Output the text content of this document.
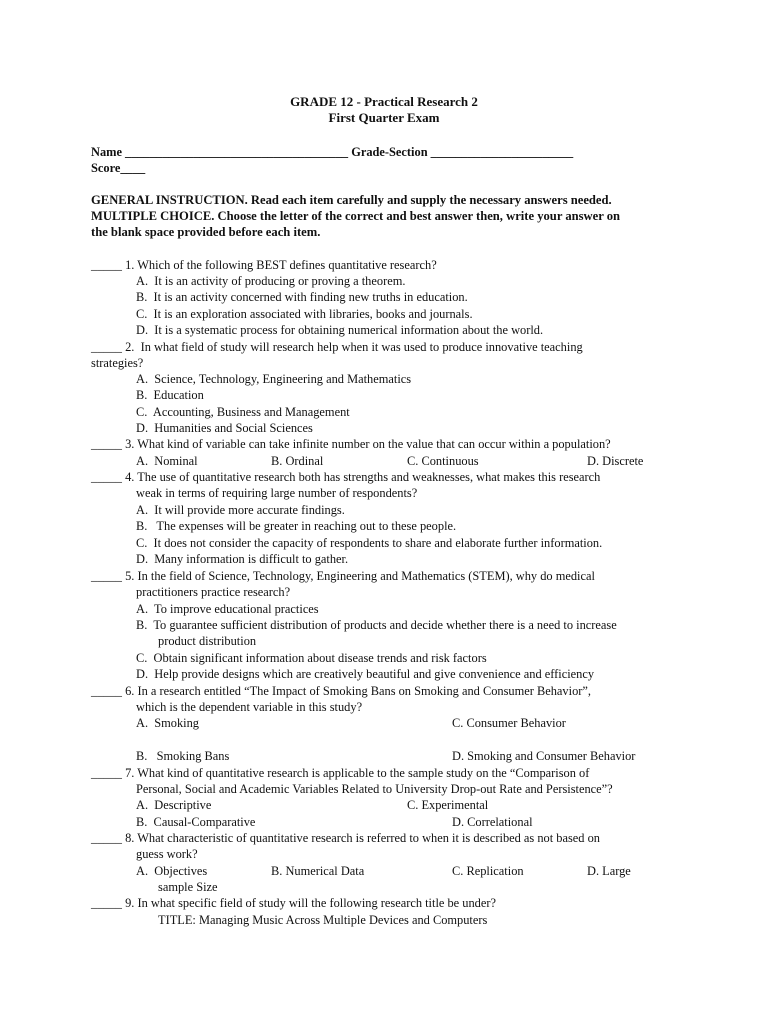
GRADE 12 - Practical Research 2
First Quarter Exam
Name ____________________________________ Grade-Section _______________________
Score____
GENERAL INSTRUCTION. Read each item carefully and supply the necessary answers needed.
MULTIPLE CHOICE. Choose the letter of the correct and best answer then, write your answer on
the blank space provided before each item.
_____ 1. Which of the following BEST defines quantitative research?
A.  It is an activity of producing or proving a theorem.
B.  It is an activity concerned with finding new truths in education.
C.  It is an exploration associated with libraries, books and journals.
D.  It is a systematic process for obtaining numerical information about the world.
_____ 2.  In what field of study will research help when it was used to produce innovative teaching
strategies?
A.  Science, Technology, Engineering and Mathematics
B.  Education
C.  Accounting, Business and Management
D.  Humanities and Social Sciences
_____ 3. What kind of variable can take infinite number on the value that can occur within a population?
A.  Nominal	B. Ordinal	C. Continuous	D. Discrete
_____ 4. The use of quantitative research both has strengths and weaknesses, what makes this research
weak in terms of requiring large number of respondents?
A.  It will provide more accurate findings.
B.   The expenses will be greater in reaching out to these people.
C.  It does not consider the capacity of respondents to share and elaborate further information.
D.  Many information is difficult to gather.
_____ 5. In the field of Science, Technology, Engineering and Mathematics (STEM), why do medical
practitioners practice research?
A.  To improve educational practices
B.  To guarantee sufficient distribution of products and decide whether there is a need to increase
product distribution
C.  Obtain significant information about disease trends and risk factors
D.  Help provide designs which are creatively beautiful and give convenience and efficiency
_____ 6. In a research entitled “The Impact of Smoking Bans on Smoking and Consumer Behavior”,
which is the dependent variable in this study?
A.  Smoking	C. Consumer Behavior
B.   Smoking Bans	D. Smoking and Consumer Behavior
_____ 7. What kind of quantitative research is applicable to the sample study on the “Comparison of
Personal, Social and Academic Variables Related to University Drop-out Rate and Persistence”?
A.  Descriptive	C. Experimental
B.  Causal-Comparative	D. Correlational
_____ 8. What characteristic of quantitative research is referred to when it is described as not based on
guess work?
A.  Objectives	B. Numerical Data	C. Replication	D. Large
sample Size
_____ 9. In what specific field of study will the following research title be under?
TITLE: Managing Music Across Multiple Devices and Computers
